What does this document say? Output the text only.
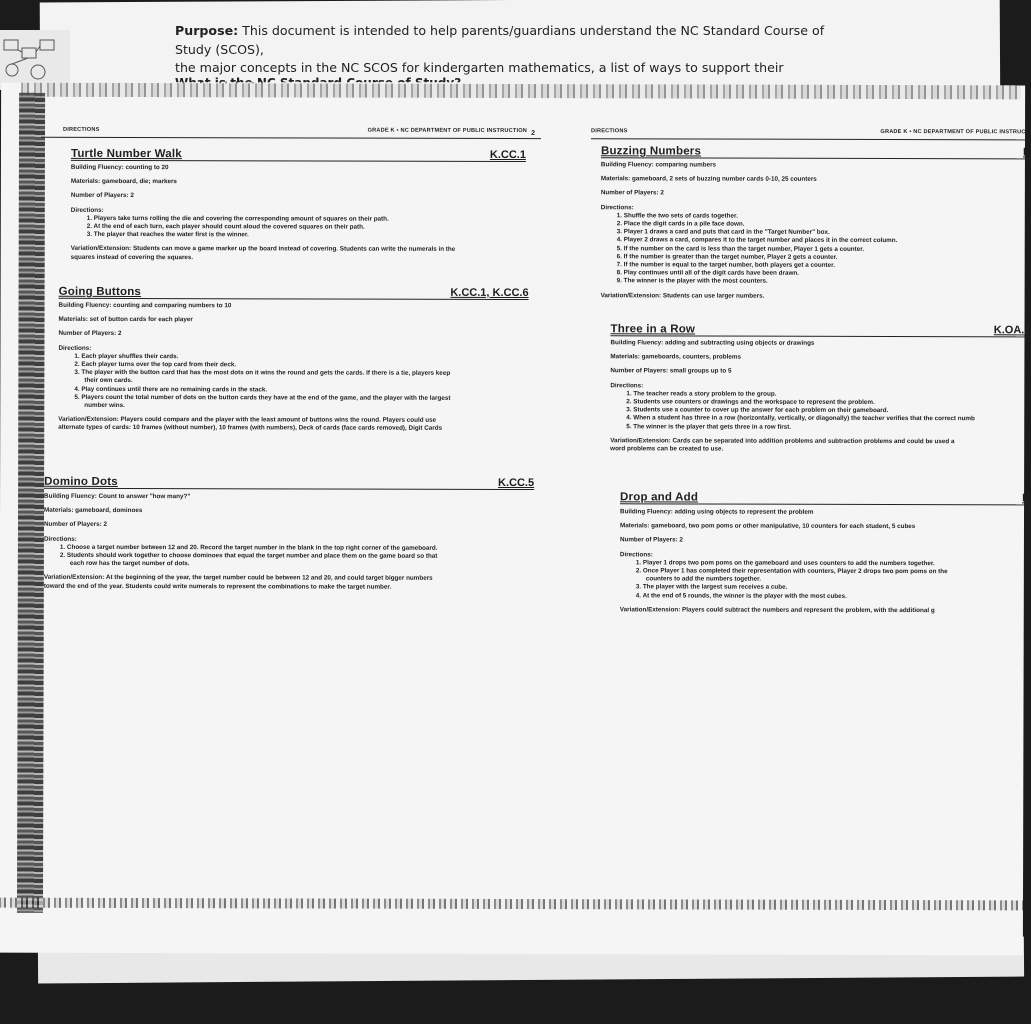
Purpose: This document is intended to help parents/guardians understand the NC Standard Course of Study (SCOS),
the major concepts in the NC SCOS for kindergarten mathematics, a list of ways to support their

DIRECTIONS	GRADE K • NC DEPARTMENT OF PUBLIC INSTRUCTION 2
Turtle Number Walk	K.CC.1
Building Fluency: counting to 20
Materials: gameboard, die; markers
Number of Players: 2
Directions:
1. Players take turns rolling the die and covering the corresponding amount of squares on their path.
2. At the end of each turn, each player should count aloud the covered squares on their path.
3. The player that reaches the water first is the winner.
Variation/Extension: Students can move a game marker up the board instead of covering. Students can write the numerals in the
squares instead of covering the squares.
Going Buttons	K.CC.1, K.CC.6
Building Fluency: counting and comparing numbers to 10
Materials: set of button cards for each player
Number of Players: 2
Directions:
1. Each player shuffles their cards.
2. Each player turns over the top card from their deck.
3. The player with the button card that has the most dots on it wins the round and gets the cards. If there is a tie, players keep
their own cards.
4. Play continues until there are no remaining cards in the stack.
5. Players count the total number of dots on the button cards they have at the end of the game, and the player with the largest
number wins.
Variation/Extension: Players could compare and the player with the least amount of buttons wins the round. Players could use
alternate types of cards: 10 frames (without number), 10 frames (with numbers), Deck of cards (face cards removed), Digit Cards
Domino Dots	K.CC.5
Building Fluency: Count to answer "how many?"
Materials: gameboard, dominoes
Number of Players: 2
Directions:
1. Choose a target number between 12 and 20. Record the target number in the blank in the top right corner of the gameboard.
2. Students should work together to choose dominoes that equal the target number and place them on the game board so that
each row has the target number of dots.
Variation/Extension: At the beginning of the year, the target number could be between 12 and 20, and could target bigger numbers
toward the end of the year. Students could write numerals to represent the combinations to make the target number.
DIRECTIONS	GRADE K • NC DEPARTMENT OF PUBLIC INSTRUCTI
Buzzing Numbers	K
Building Fluency: comparing numbers
Materials: gameboard, 2 sets of buzzing number cards 0-10, 25 counters
Number of Players: 2
Directions:
1. Shuffle the two sets of cards together.
2. Place the digit cards in a pile face down.
3. Player 1 draws a card and puts that card in the "Target Number" box.
4. Player 2 draws a card, compares it to the target number and places it in the correct column.
5. If the number on the card is less than the target number, Player 1 gets a counter.
6. If the number is greater than the target number, Player 2 gets a counter.
7. If the number is equal to the target number, both players get a counter.
8. Play continues until all of the digit cards have been drawn.
9. The winner is the player with the most counters.
Variation/Extension: Students can use larger numbers.
Three in a Row	K.OA.1
Building Fluency: adding and subtracting using objects or drawings
Materials: gameboards, counters, problems
Number of Players: small groups up to 5
Directions:
1. The teacher reads a story problem to the group.
2. Students use counters or drawings and the workspace to represent the problem.
3. Students use a counter to cover up the answer for each problem on their gameboard.
4. When a student has three in a row (horizontally, vertically, or diagonally) the teacher verifies that the correct numb
5. The winner is the player that gets three in a row first.
Variation/Extension: Cards can be separated into addition problems and subtraction problems and could be used a
word problems can be created to use.
Drop and Add	K
Building Fluency: adding using objects to represent the problem
Materials: gameboard, two pom poms or other manipulative, 10 counters for each student, 5 cubes
Number of Players: 2
Directions:
1. Player 1 drops two pom poms on the gameboard and uses counters to add the numbers together.
2. Once Player 1 has completed their representation with counters, Player 2 drops two pom poms on the
counters to add the numbers together.
3. The player with the largest sum receives a cube.
4. At the end of 5 rounds, the winner is the player with the most cubes.
Variation/Extension: Players could subtract the numbers and represent the problem, with the additional g
